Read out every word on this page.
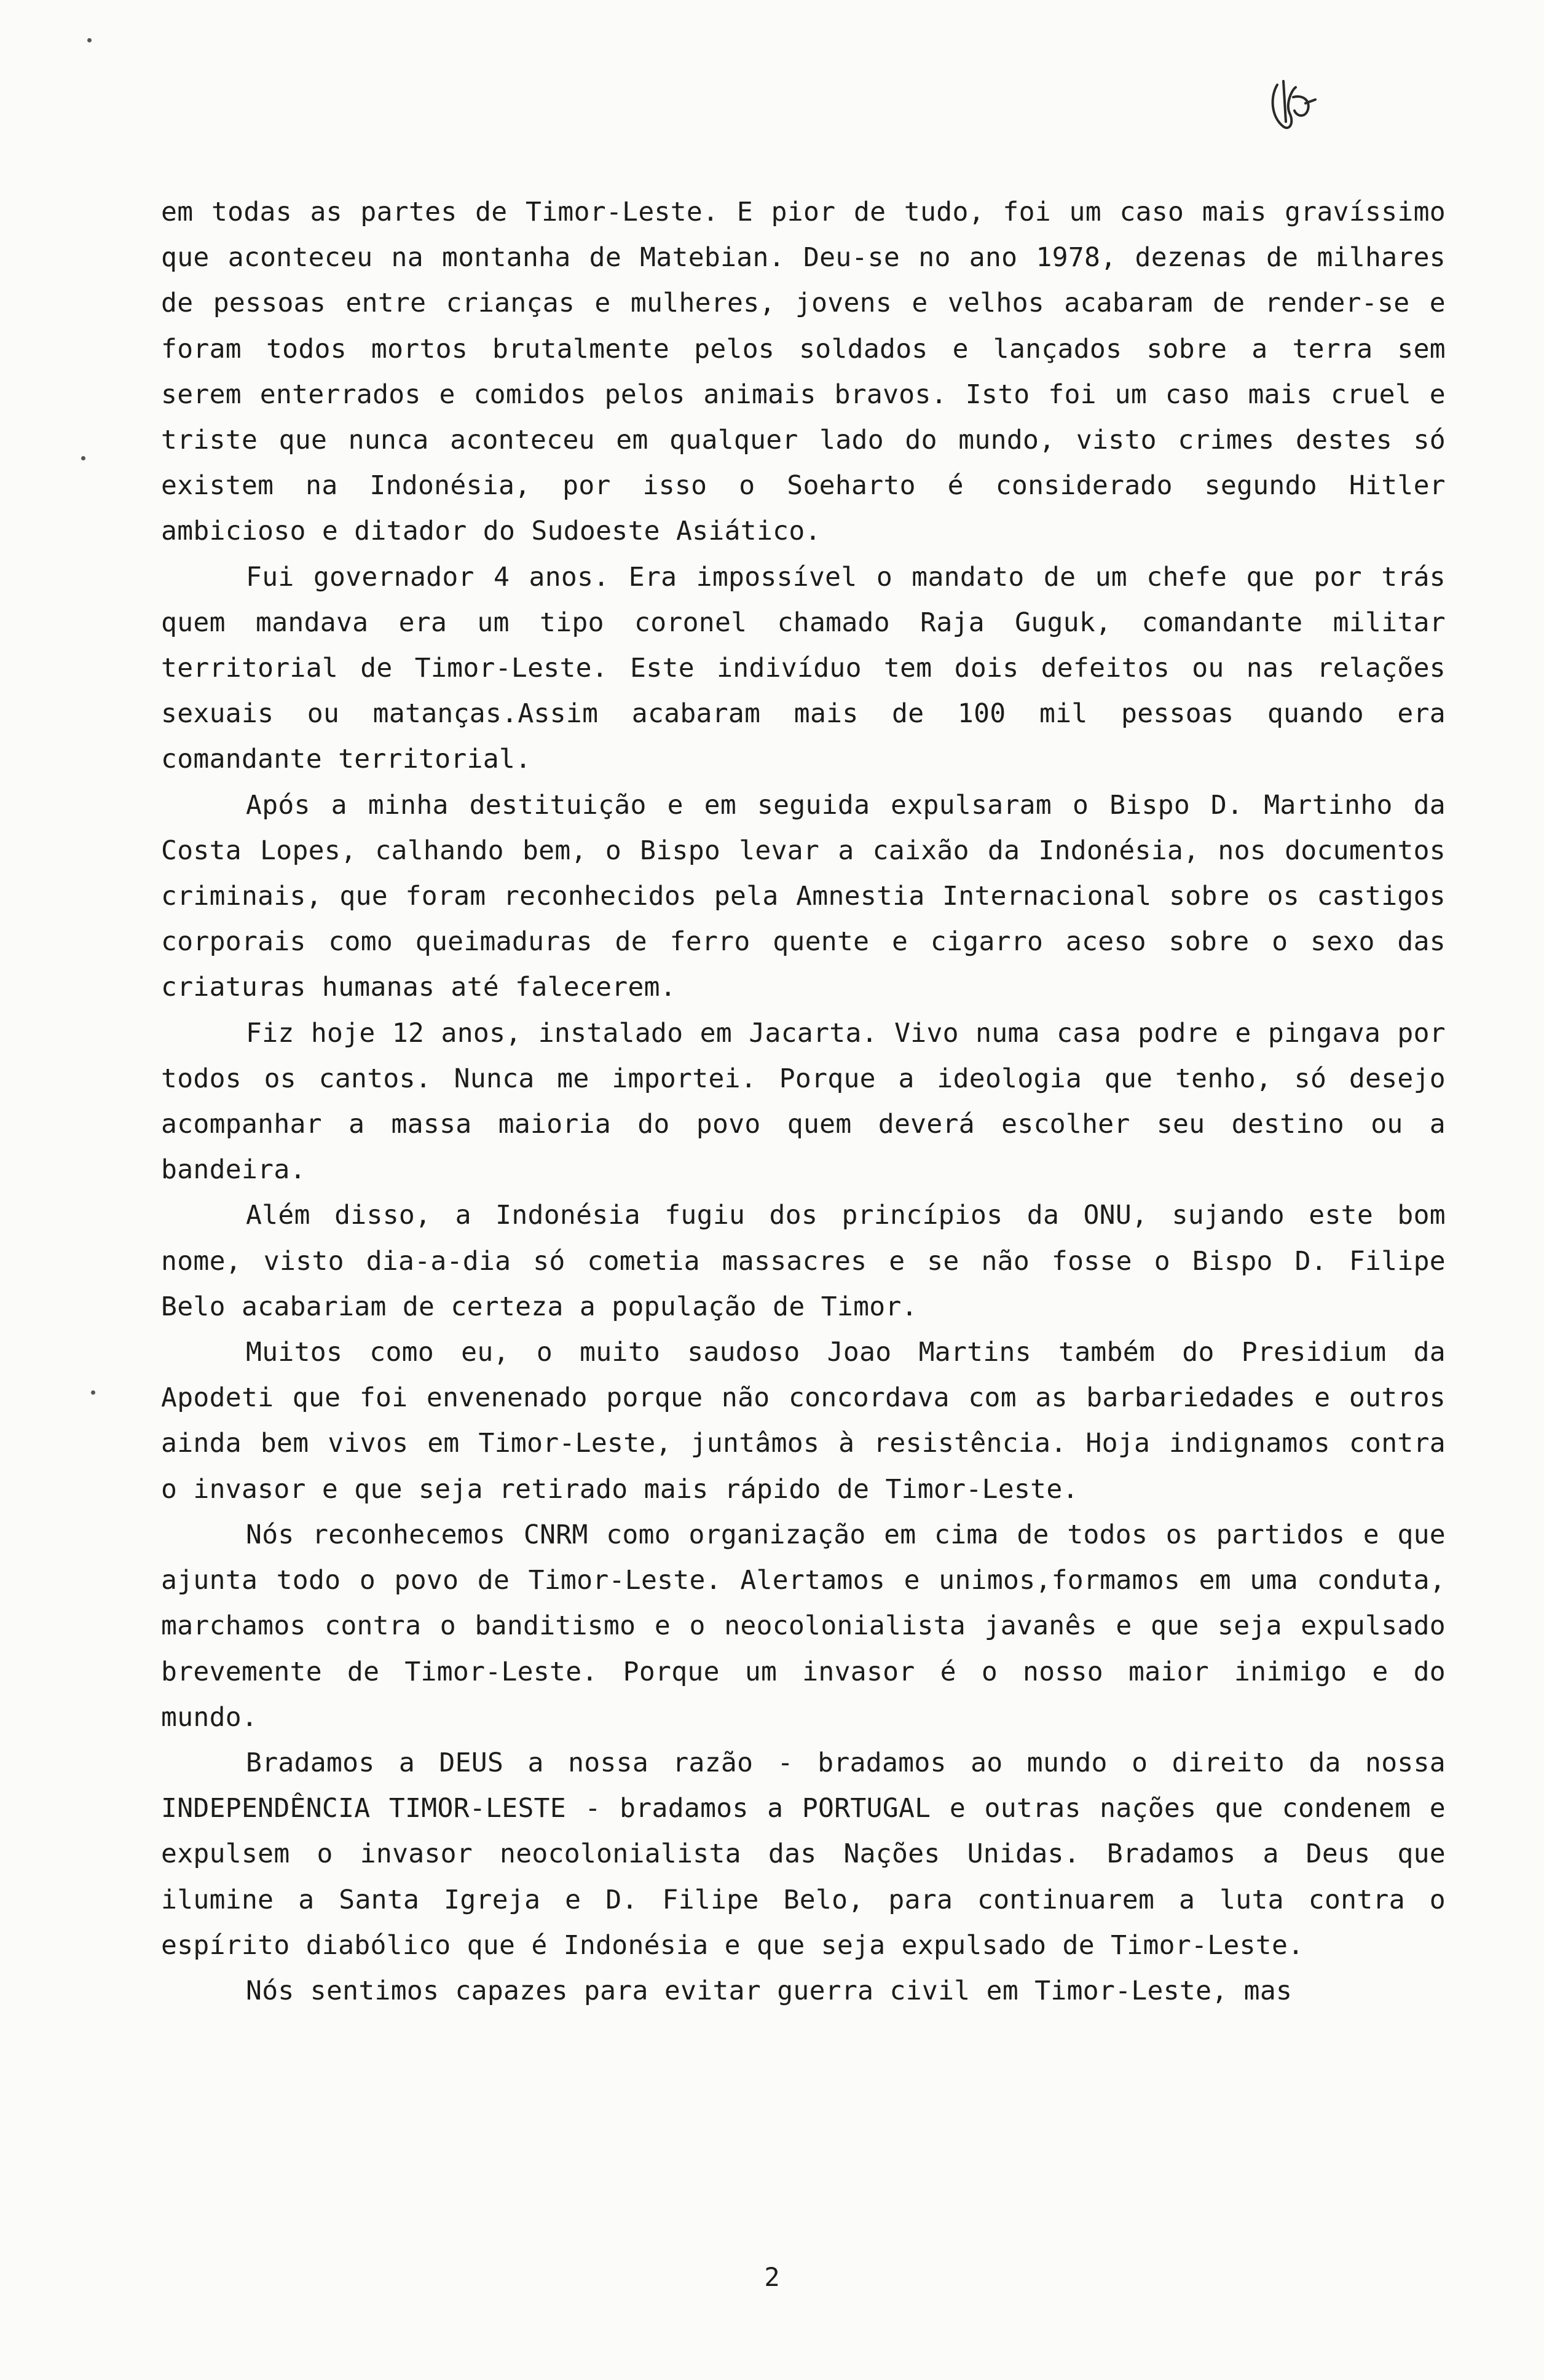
em todas as partes de Timor-Leste. E pior de tudo, foi um caso mais gravíssimo que aconteceu na montanha de Matebian. Deu-se no ano 1978, dezenas de milhares de pessoas entre crianças e mulheres, jovens e velhos acabaram de render-se e foram todos mortos brutalmente pelos soldados e lançados sobre a terra sem serem enterrados e comidos pelos animais bravos. Isto foi um caso mais cruel e triste que nunca aconteceu em qualquer lado do mundo, visto crimes destes só existem na Indonésia, por isso o Soeharto é considerado segundo Hitler ambicioso e ditador do Sudoeste Asiático.

Fui governador 4 anos. Era impossível o mandato de um chefe que por trás quem mandava era um tipo coronel chamado Raja Guguk, comandante militar territorial de Timor-Leste. Este indivíduo tem dois defeitos ou nas relações sexuais ou matanças.Assim acabaram mais de 100 mil pessoas quando era comandante territorial.

Após a minha destituição e em seguida expulsaram o Bispo D. Martinho da Costa Lopes, calhando bem, o Bispo levar a caixão da Indonésia, nos documentos criminais, que foram reconhecidos pela Amnestia Internacional sobre os castigos corporais como queimaduras de ferro quente e cigarro aceso sobre o sexo das criaturas humanas até falecerem.

Fiz hoje 12 anos, instalado em Jacarta. Vivo numa casa podre e pingava por todos os cantos. Nunca me importei. Porque a ideologia que tenho, só desejo acompanhar a massa maioria do povo quem deverá escolher seu destino ou a bandeira.

Além disso, a Indonésia fugiu dos princípios da ONU, sujando este bom nome, visto dia-a-dia só cometia massacres e se não fosse o Bispo D. Filipe Belo acabariam de certeza a população de Timor.

Muitos como eu, o muito saudoso Joao Martins também do Presidium da Apodeti que foi envenenado porque não concordava com as barbariedades e outros ainda bem vivos em Timor-Leste, juntâmos à resistência. Hoja indignamos contra o invasor e que seja retirado mais rápido de Timor-Leste.

Nós reconhecemos CNRM como organização em cima de todos os partidos e que ajunta todo o povo de Timor-Leste. Alertamos e unimos,formamos em uma conduta, marchamos contra o banditismo e o neocolonialista javanês e que seja expulsado brevemente de Timor-Leste. Porque um invasor é o nosso maior inimigo e do mundo.

Bradamos a DEUS a nossa razão - bradamos ao mundo o direito da nossa INDEPENDÊNCIA TIMOR-LESTE - bradamos a PORTUGAL e outras nações que condenem e expulsem o invasor neocolonialista das Nações Unidas. Bradamos a Deus que ilumine a Santa Igreja e D. Filipe Belo, para continuarem a luta contra o espírito diabólico que é Indonésia e que seja expulsado de Timor-Leste.

Nós sentimos capazes para evitar guerra civil em Timor-Leste, mas

2
